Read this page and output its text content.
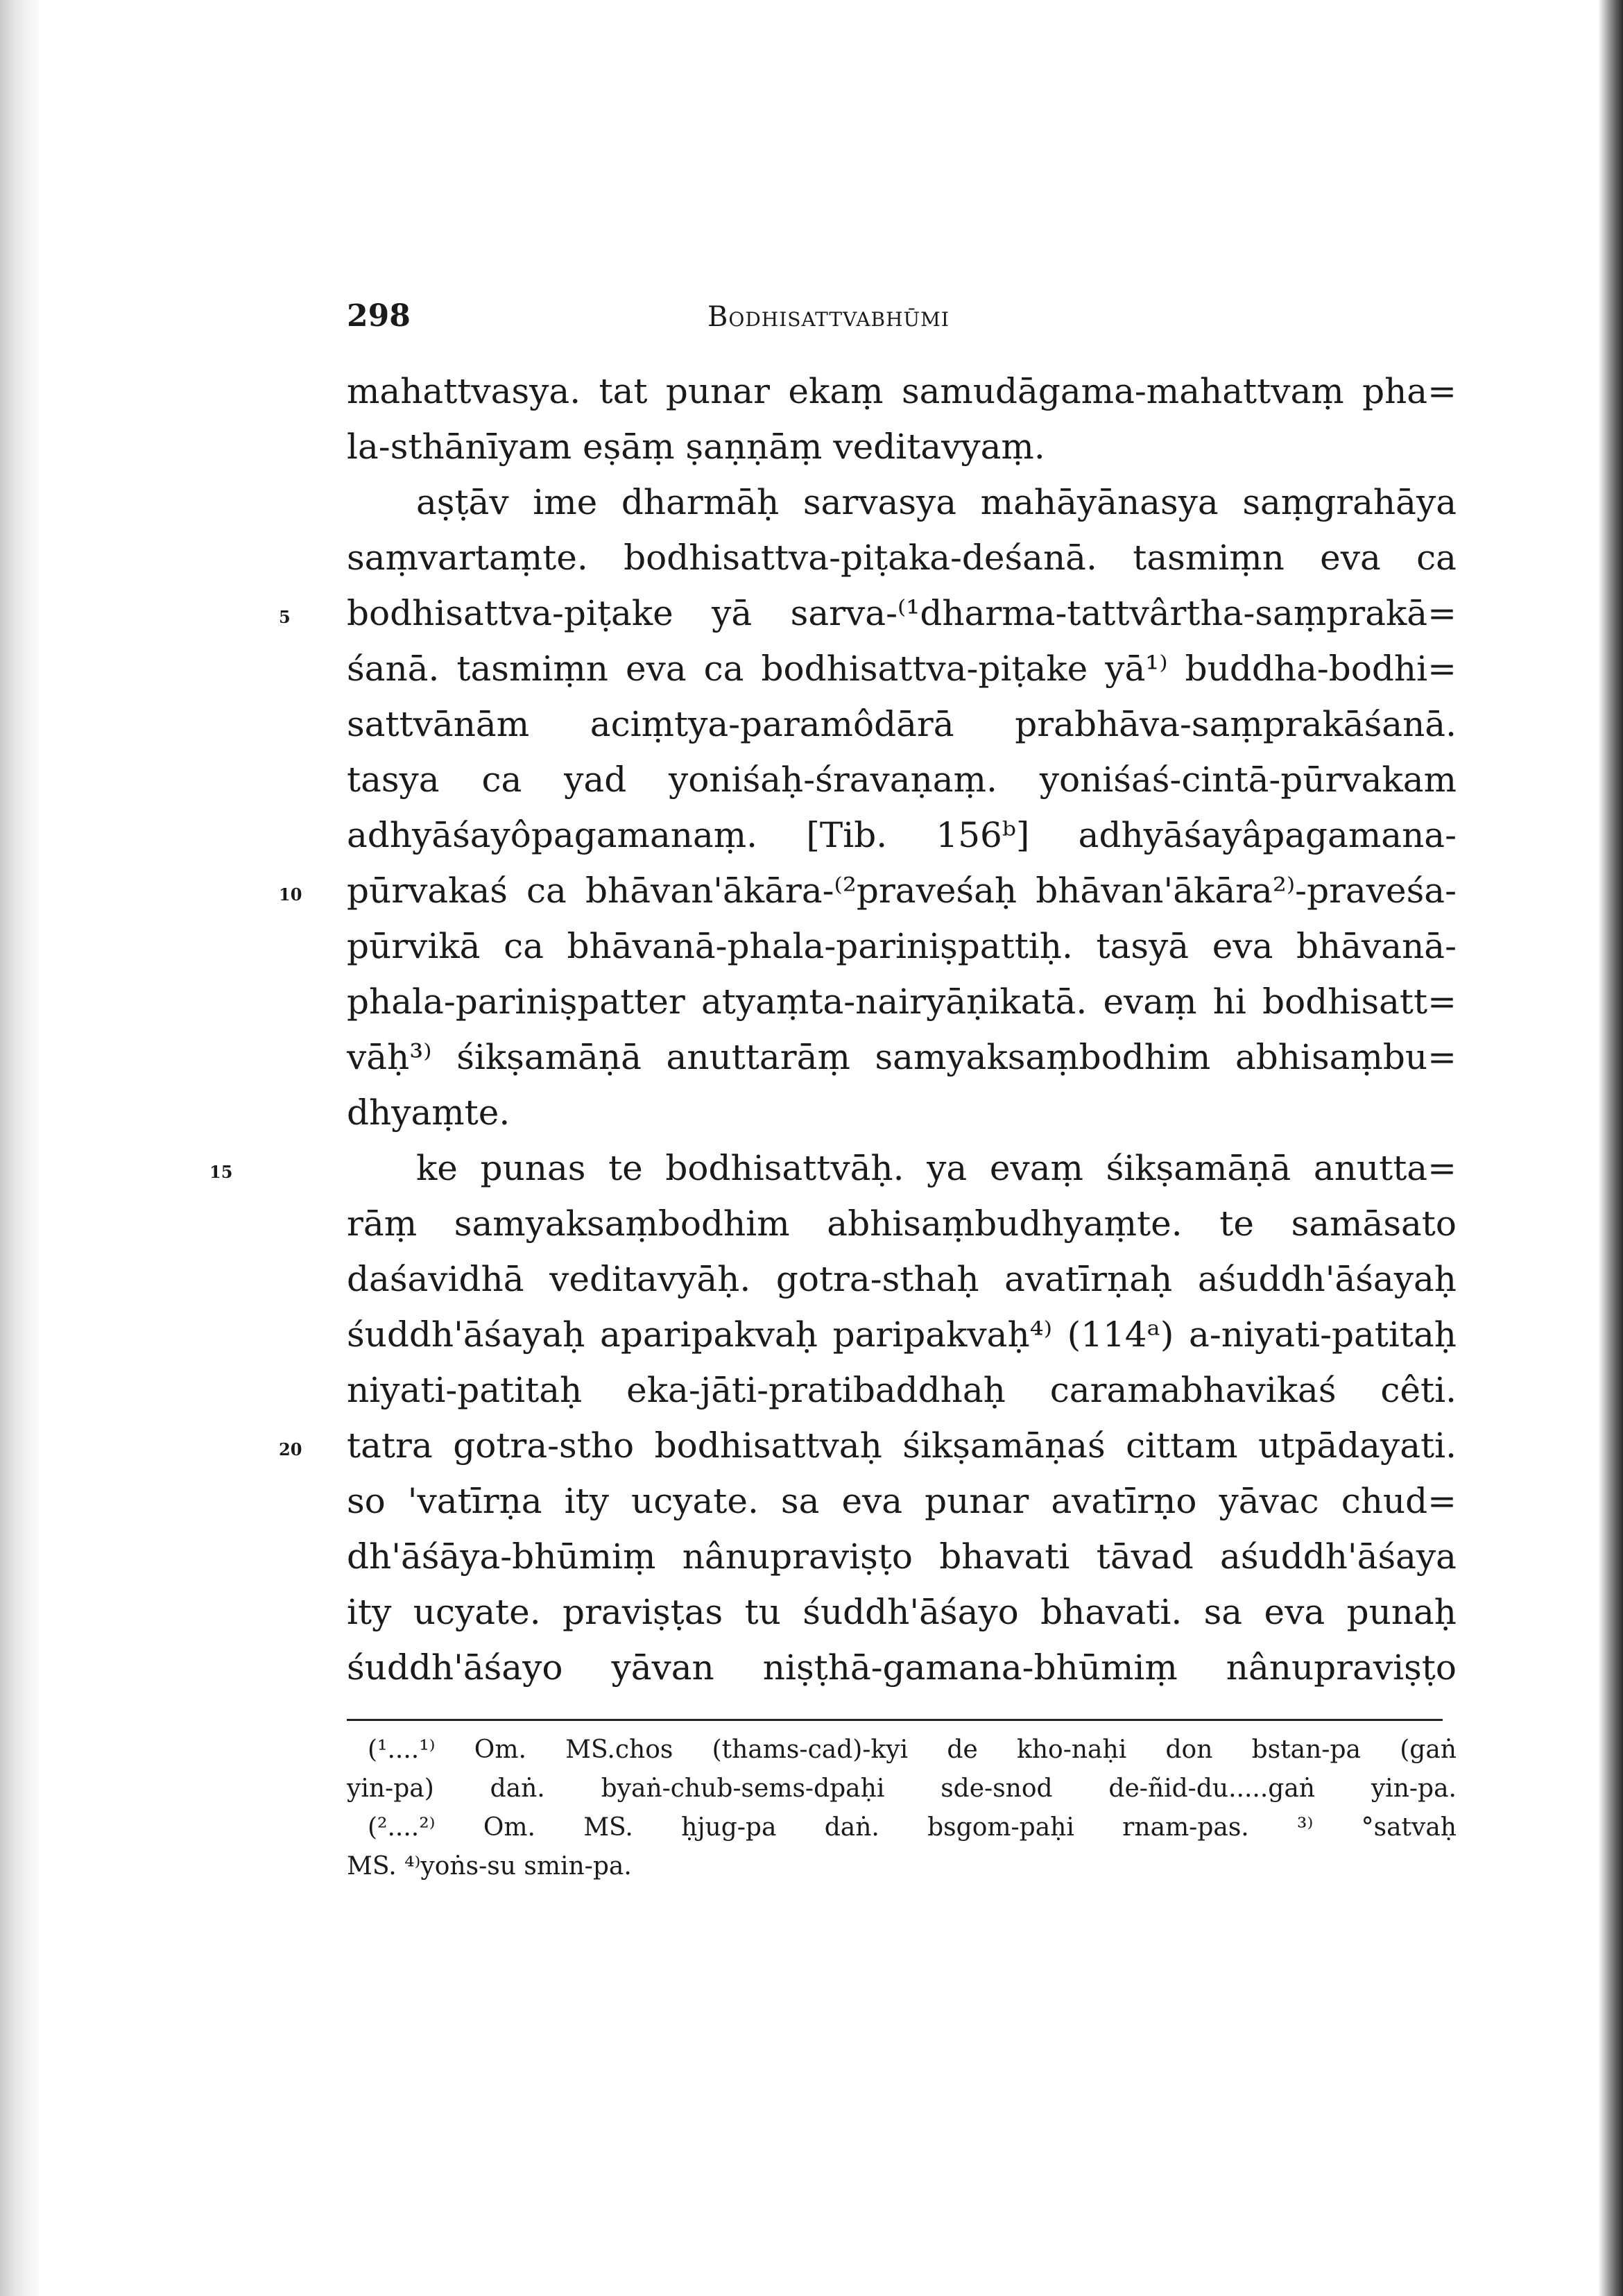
298	Bodhisattvabhūmi
mahattvasya. tat punar ekaṃ samudāgama-mahattvaṃ pha=
la-sthānīyam eṣāṃ ṣaṇṇāṃ veditavyaṃ.
aṣṭāv ime dharmāḥ sarvasya mahāyānasya saṃgrahāya
saṃvartaṃte. bodhisattva-piṭaka-deśanā. tasmiṃn eva ca
5 bodhisattva-piṭake yā sarva-⁽¹dharma-tattvârtha-saṃprakā=
śanā. tasmiṃn eva ca bodhisattva-piṭake yā¹⁾ buddha-bodhi=
sattvānām aciṃtya-paramôdārā prabhāva-saṃprakāśanā.
tasya ca yad yoniśaḥ-śravaṇaṃ. yoniśaś-cintā-pūrvakam
adhyāśayôpagamanaṃ. [Tib. 156ᵇ] adhyāśayâpagamana-
10 pūrvakaś ca bhāvan'ākāra-⁽²praveśaḥ bhāvan'ākāra²⁾-praveśa-
pūrvikā ca bhāvanā-phala-pariniṣpattiḥ. tasyā eva bhāvanā-
phala-pariniṣpatter atyaṃta-nairyāṇikatā. evaṃ hi bodhisatt=
vāḥ³⁾ śikṣamāṇā anuttarāṃ samyaksaṃbodhim abhisaṃbu=
dhyaṃte.
15	ke punas te bodhisattvāḥ. ya evaṃ śikṣamāṇā anutta=
rāṃ samyaksaṃbodhim abhisaṃbudhyaṃte. te samāsato
daśavidhā veditavyāḥ. gotra-sthaḥ avatīrṇaḥ aśuddh'āśayaḥ
śuddh'āśayaḥ aparipakvaḥ paripakvaḥ⁴⁾ (114ᵃ) a-niyati-patitaḥ
niyati-patitaḥ eka-jāti-pratibaddhaḥ caramabhavikaś cêti.
20 tatra gotra-stho bodhisattvaḥ śikṣamāṇaś cittam utpādayati.
so 'vatīrṇa ity ucyate. sa eva punar avatīrṇo yāvac chud=
dh'āśāya-bhūmiṃ nânupraviṣṭo bhavati tāvad aśuddh'āśaya
ity ucyate. praviṣṭas tu śuddh'āśayo bhavati. sa eva punaḥ
śuddh'āśayo yāvan niṣṭhā-gamana-bhūmiṃ nânupraviṣṭo
(¹....¹⁾ Om. MS.chos (thams-cad)-kyi de kho-naḥi don bstan-pa (gaṅ
yin-pa) daṅ. byaṅ-chub-sems-dpaḥi sde-snod de-ñid-du.....gaṅ yin-pa.
(²....²⁾ Om. MS. ḥjug-pa daṅ. bsgom-paḥi rnam-pas. ³⁾ °satvaḥ
MS. ⁴⁾yoṅs-su smin-pa.
